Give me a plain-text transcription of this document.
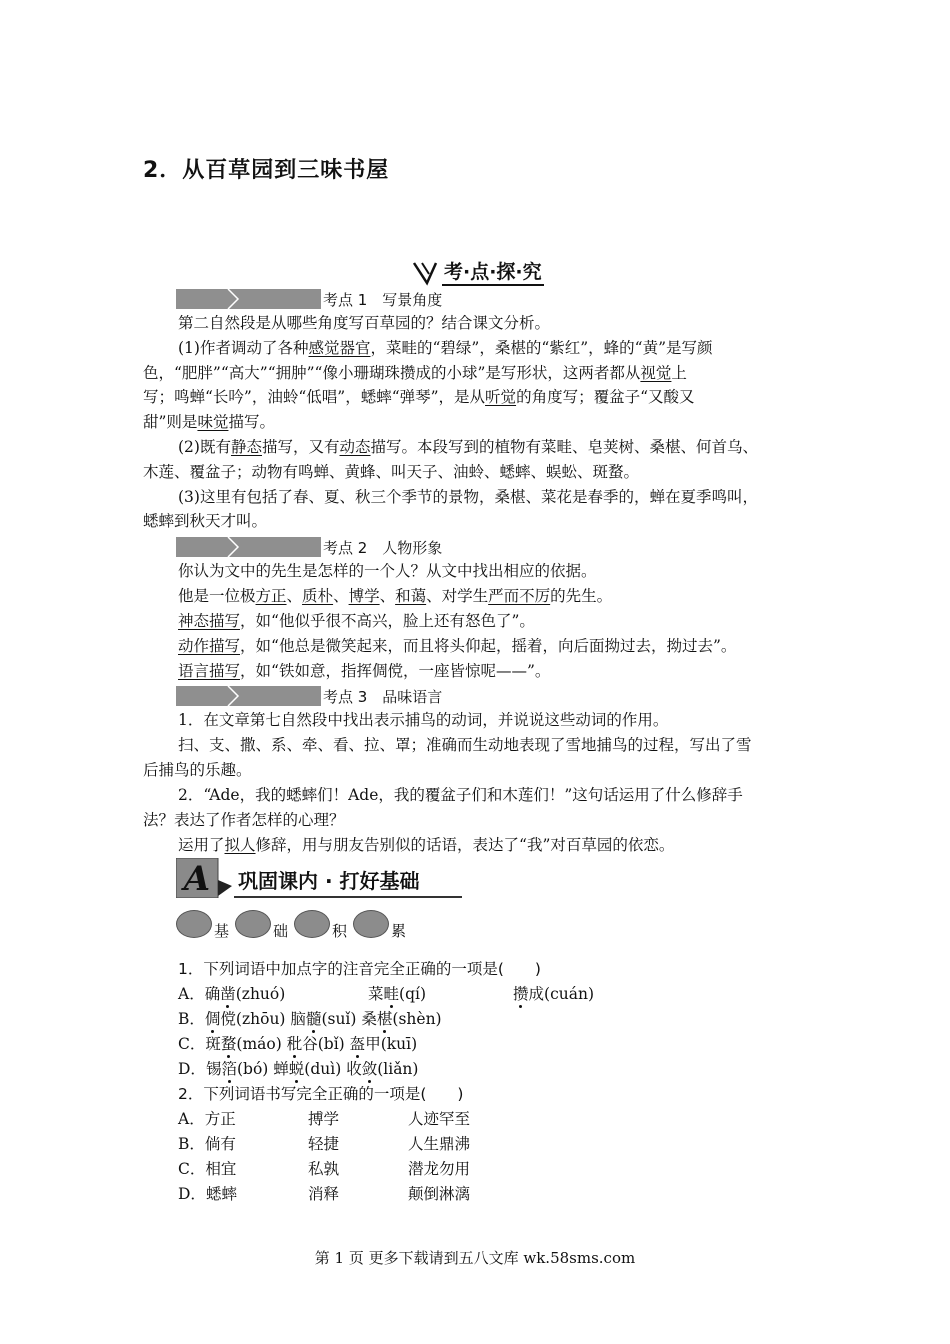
2．从百草园到三味书屋
考·点·探·究
考点 1　写景角度
第二自然段是从哪些角度写百草园的？结合课文分析。
(1)作者调动了各种感觉器官，菜畦的“碧绿”，桑椹的“紫红”，蜂的“黄”是写颜
色，“肥胖”“高大”“拥肿”“像小珊瑚珠攒成的小球”是写形状，这两者都从视觉上
写；鸣蝉“长吟”，油蛉“低唱”，蟋蟀“弹琴”，是从听觉的角度写；覆盆子“又酸又
甜”则是味觉描写。
(2)既有静态描写，又有动态描写。本段写到的植物有菜畦、皂荚树、桑椹、何首乌、
木莲、覆盆子；动物有鸣蝉、黄蜂、叫天子、油蛉、蟋蟀、蜈蚣、斑蝥。
(3)这里有包括了春、夏、秋三个季节的景物，桑椹、菜花是春季的，蝉在夏季鸣叫，
蟋蟀到秋天才叫。
考点 2　人物形象
你认为文中的先生是怎样的一个人？从文中找出相应的依据。
他是一位极方正、质朴、博学、和蔼、对学生严而不厉的先生。
神态描写，如“他似乎很不高兴，脸上还有怒色了”。
动作描写，如“他总是微笑起来，而且将头仰起，摇着，向后面拗过去，拗过去”。
语言描写，如“铁如意，指挥倜傥，一座皆惊呢——”。
考点 3　品味语言
1．在文章第七自然段中找出表示捕鸟的动词，并说说这些动词的作用。
扫、支、撒、系、牵、看、拉、罩；准确而生动地表现了雪地捕鸟的过程，写出了雪
后捕鸟的乐趣。
2．“Ade，我的蟋蟀们！Ade，我的覆盆子们和木莲们！”这句话运用了什么修辞手
法？表达了作者怎样的心理？
运用了拟人修辞，用与朋友告别似的话语，表达了“我”对百草园的依恋。
A 巩固课内 · 打好基础
基	础	积	累
1．下列词语中加点字的注音完全正确的一项是(　　)
A．确凿(zhuó)	菜畦(qí)	攒成(cuán)
B．倜傥(zhōu) 脑髓(suǐ) 桑椹(shèn)
C．斑蝥(máo) 秕谷(bǐ) 盔甲(kuī)
D．锡箔(bó) 蝉蜕(duì) 收敛(liǎn)
2．下列词语书写完全正确的一项是(　　)
A．方正	搏学	人迹罕至
B．倘有	轻捷	人生鼎沸
C．相宜	私孰	潜龙勿用
D．蟋蟀	消释	颠倒淋漓
第 1 页 更多下载请到五八文库 wk.58sms.com
